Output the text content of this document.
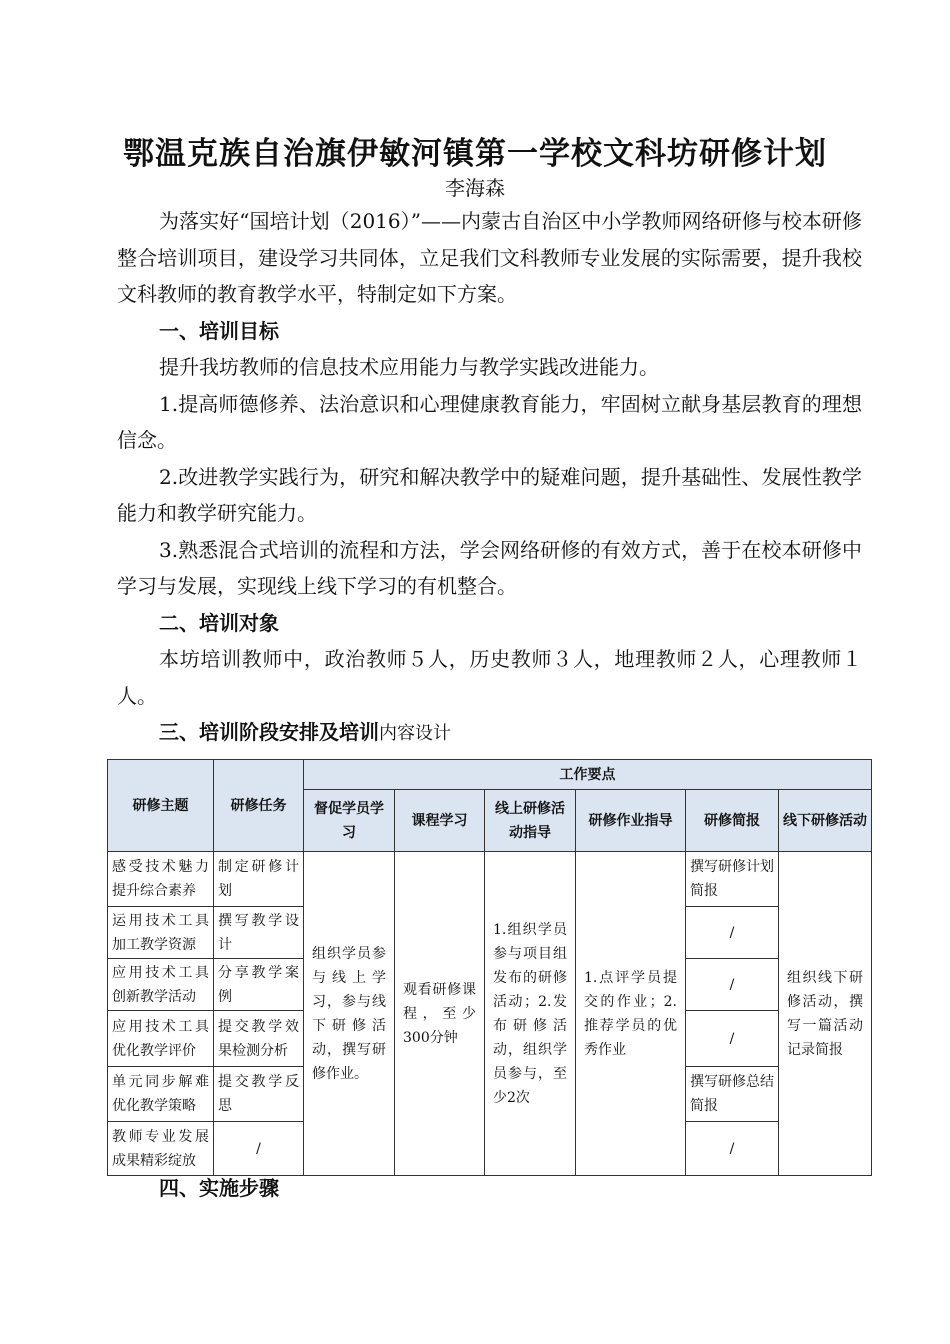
鄂温克族自治旗伊敏河镇第一学校文科坊研修计划
李海森

为落实好“国培计划（2016）”——内蒙古自治区中小学教师网络研修与校本研修整合培训项目，建设学习共同体，立足我们文科教师专业发展的实际需要，提升我校文科教师的教育教学水平，特制定如下方案。

一、培训目标

提升我坊教师的信息技术应用能力与教学实践改进能力。

1.提高师德修养、法治意识和心理健康教育能力，牢固树立献身基层教育的理想信念。

2.改进教学实践行为，研究和解决教学中的疑难问题，提升基础性、发展性教学能力和教学研究能力。

3.熟悉混合式培训的流程和方法，学会网络研修的有效方式，善于在校本研修中学习与发展，实现线上线下学习的有机整合。

二、培训对象

本坊培训教师中，政治教师５人，历史教师３人，地理教师２人，心理教师１人。

三、培训阶段安排及培训内容设计

研修主题	研修任务	工作要点					
		督促学员学习	课程学习	线上研修活动指导	研修作业指导	研修简报	线下研修活动
感受技术魅力提升综合素养	制定研修计划	组织学员参与线上学习，参与线下研修活动，撰写研修作业。	观看研修课程，至少300分钟	1.组织学员参与项目组发布的研修活动；2.发布研修活动，组织学员参与，至少2次	1.点评学员提交的作业；2.推荐学员的优秀作业	撰写研修计划简报	组织线下研修活动，撰写一篇活动记录简报
运用技术工具加工教学资源	撰写教学设计					/	
应用技术工具创新教学活动	分享教学案例					/	
应用技术工具优化教学评价	提交教学效果检测分析					/	
单元同步解难优化教学策略	提交教学反思					撰写研修总结简报	
教师专业发展成果精彩绽放	/					/	
四、实施步骤
